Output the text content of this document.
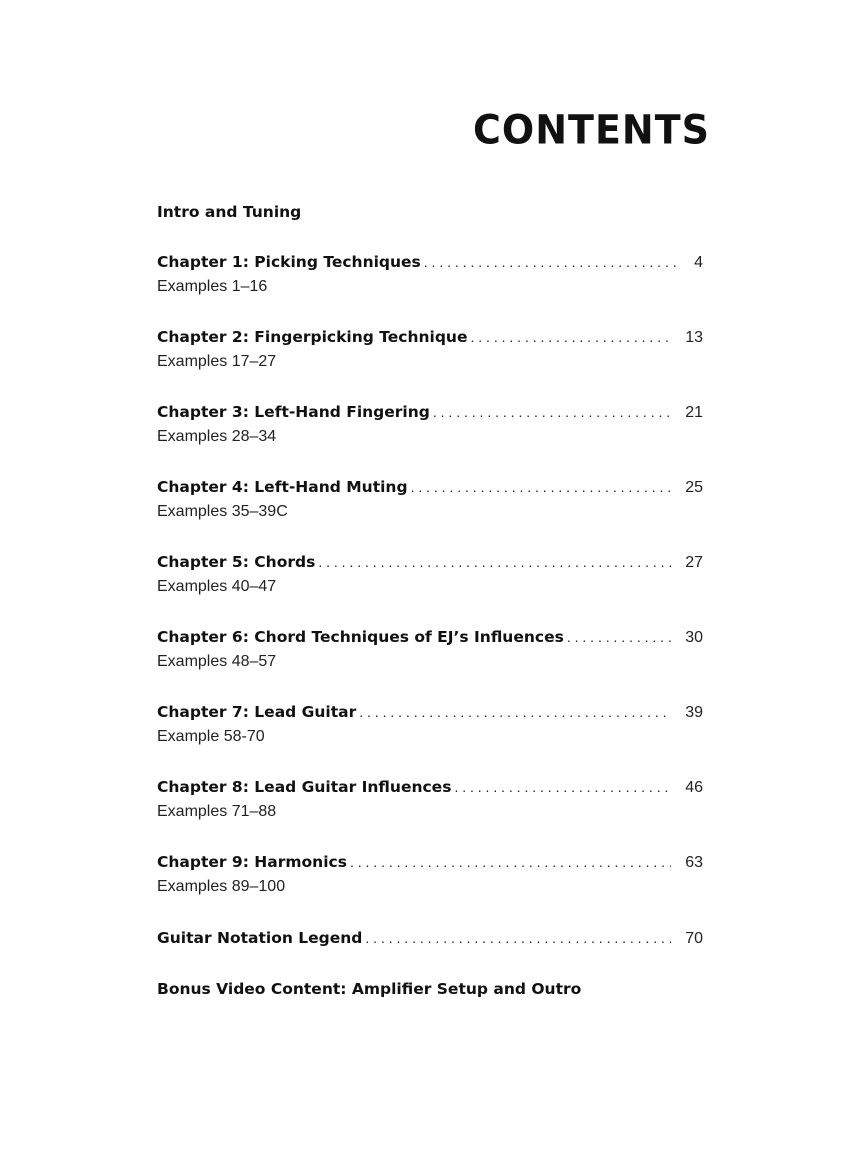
CONTENTS
Intro and Tuning
Chapter 1: Picking Techniques . . .	4
Examples 1–16
Chapter 2: Fingerpicking Technique . . .	13
Examples 17–27
Chapter 3: Left-Hand Fingering . . .	21
Examples 28–34
Chapter 4: Left-Hand Muting . . .	25
Examples 35–39C
Chapter 5: Chords . . .	27
Examples 40–47
Chapter 6: Chord Techniques of EJ’s Influences . . .	30
Examples 48–57
Chapter 7: Lead Guitar . . .	39
Example 58-70
Chapter 8: Lead Guitar Influences . . .	46
Examples 71–88
Chapter 9: Harmonics . . .	63
Examples 89–100
Guitar Notation Legend . . .	70
Bonus Video Content: Amplifier Setup and Outro
